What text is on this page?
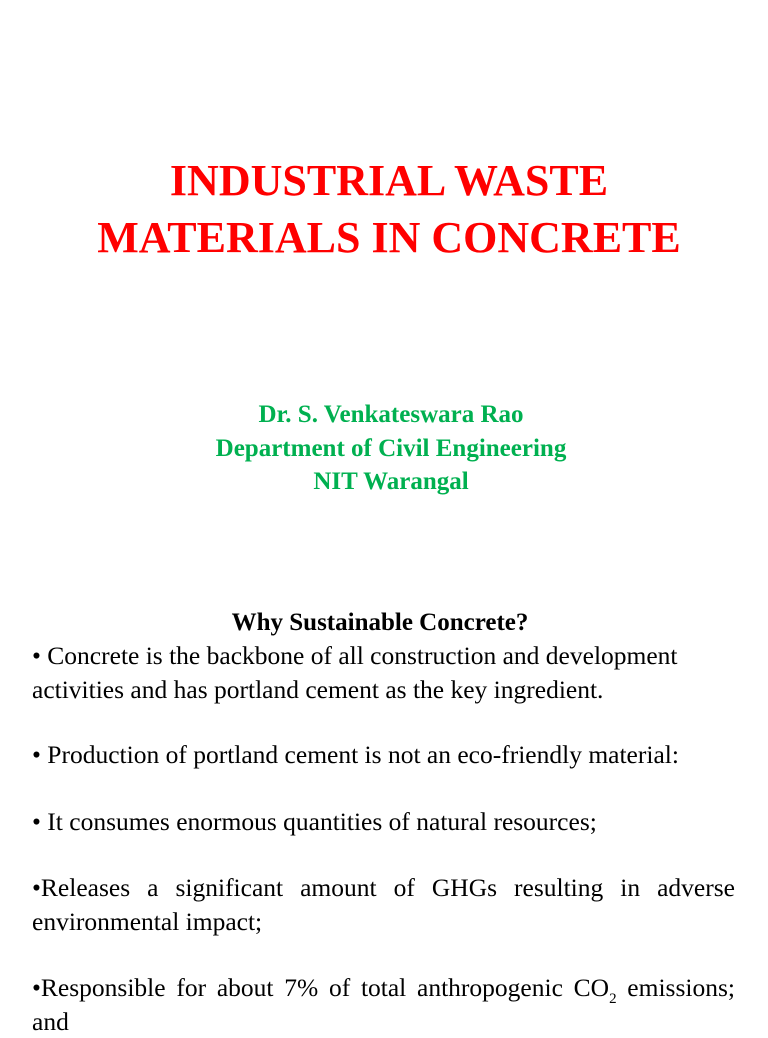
INDUSTRIAL WASTE
MATERIALS IN CONCRETE
Dr. S. Venkateswara Rao
Department of Civil Engineering
NIT Warangal
Why Sustainable Concrete?

• Concrete is the backbone of all construction and development activities and has portland cement as the key ingredient.

• Production of portland cement is not an eco-friendly material:

• It consumes enormous quantities of natural resources;

•Releases a significant amount of GHGs resulting in adverse environmental impact;

•Responsible for about 7% of total anthropogenic $CO_2$ emissions; and
